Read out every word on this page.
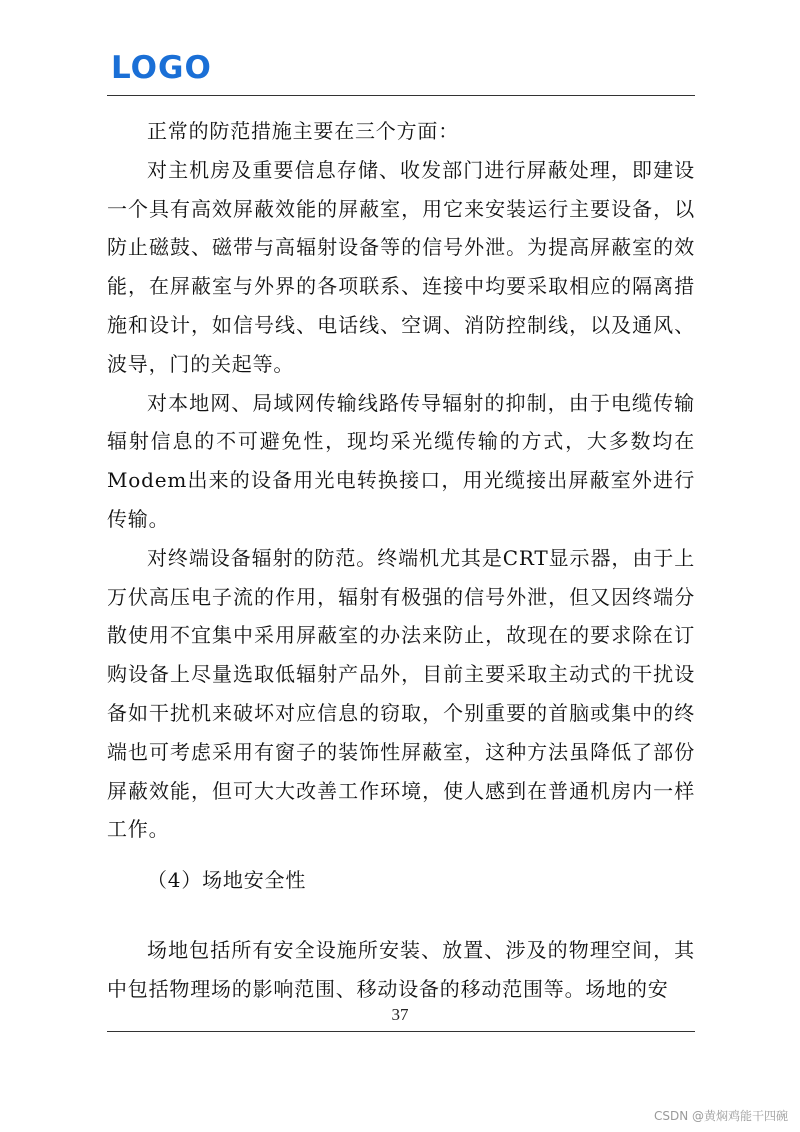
LOGO

正常的防范措施主要在三个方面：

对主机房及重要信息存储、收发部门进行屏蔽处理，即建设一个具有高效屏蔽效能的屏蔽室，用它来安装运行主要设备，以防止磁鼓、磁带与高辐射设备等的信号外泄。为提高屏蔽室的效能，在屏蔽室与外界的各项联系、连接中均要采取相应的隔离措施和设计，如信号线、电话线、空调、消防控制线，以及通风、波导，门的关起等。

对本地网、局域网传输线路传导辐射的抑制，由于电缆传输辐射信息的不可避免性，现均采光缆传输的方式，大多数均在Modem出来的设备用光电转换接口，用光缆接出屏蔽室外进行传输。

对终端设备辐射的防范。终端机尤其是CRT显示器，由于上万伏高压电子流的作用，辐射有极强的信号外泄，但又因终端分散使用不宜集中采用屏蔽室的办法来防止，故现在的要求除在订购设备上尽量选取低辐射产品外，目前主要采取主动式的干扰设备如干扰机来破坏对应信息的窃取，个别重要的首脑或集中的终端也可考虑采用有窗子的装饰性屏蔽室，这种方法虽降低了部份屏蔽效能，但可大大改善工作环境，使人感到在普通机房内一样工作。

（4）场地安全性

场地包括所有安全设施所安装、放置、涉及的物理空间，其中包括物理场的影响范围、移动设备的移动范围等。场地的安

37
CSDN @黄焖鸡能干四碗
